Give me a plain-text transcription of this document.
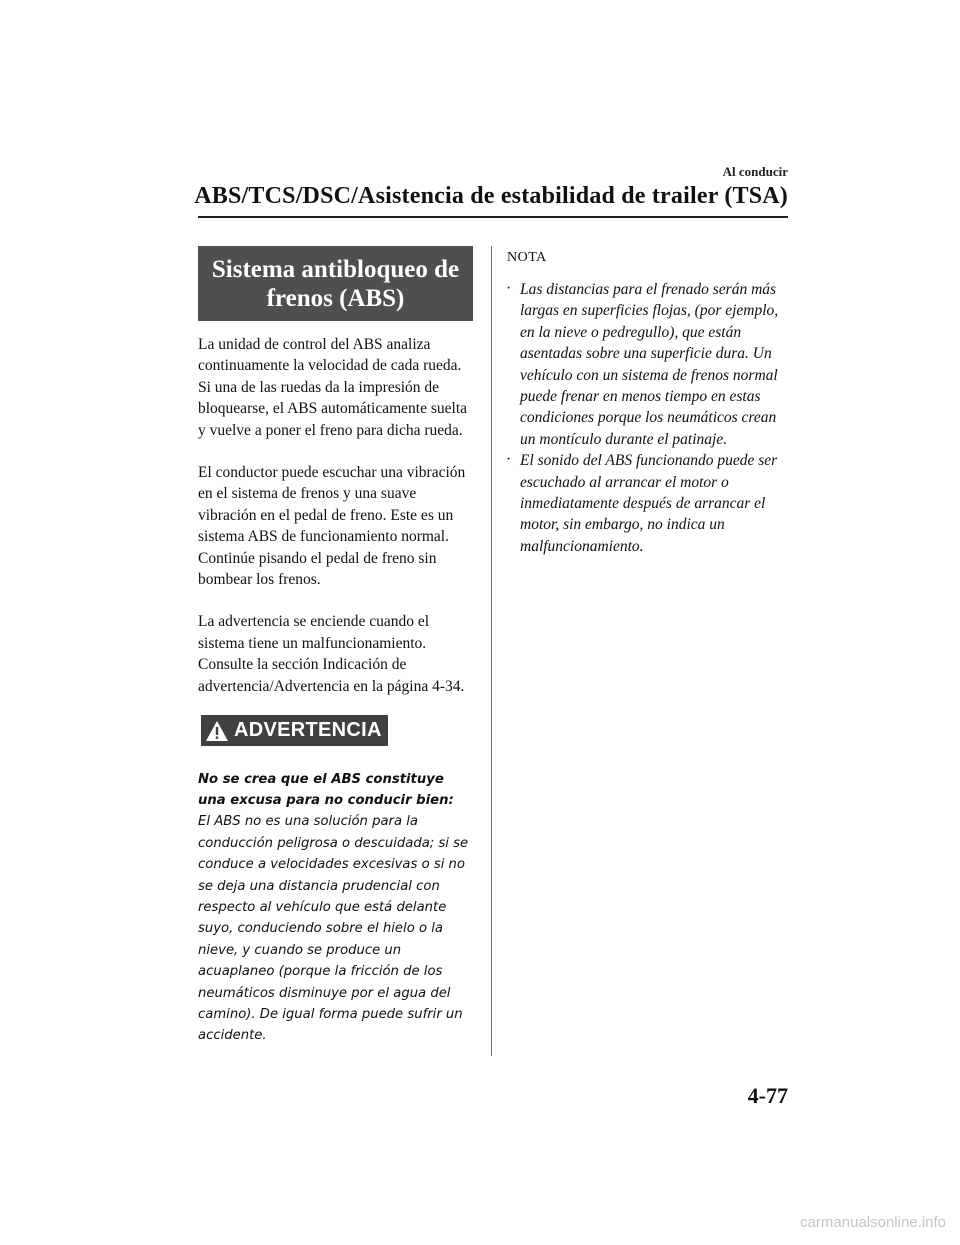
Al conducir
ABS/TCS/DSC/Asistencia de estabilidad de trailer (TSA)
Sistema antibloqueo de frenos (ABS)

La unidad de control del ABS analiza continuamente la velocidad de cada rueda. Si una de las ruedas da la impresión de bloquearse, el ABS automáticamente suelta y vuelve a poner el freno para dicha rueda.

El conductor puede escuchar una vibración en el sistema de frenos y una suave vibración en el pedal de freno. Este es un sistema ABS de funcionamiento normal. Continúe pisando el pedal de freno sin bombear los frenos.

La advertencia se enciende cuando el sistema tiene un malfuncionamiento. Consulte la sección Indicación de advertencia/Advertencia en la página 4-34.

ADVERTENCIA
No se crea que el ABS constituye una excusa para no conducir bien:
El ABS no es una solución para la conducción peligrosa o descuidada; si se conduce a velocidades excesivas o si no se deja una distancia prudencial con respecto al vehículo que está delante suyo, conduciendo sobre el hielo o la nieve, y cuando se produce un acuaplaneo (porque la fricción de los neumáticos disminuye por el agua del camino). De igual forma puede sufrir un accidente.
NOTA
· Las distancias para el frenado serán más largas en superficies flojas, (por ejemplo, en la nieve o pedregullo), que están asentadas sobre una superficie dura. Un vehículo con un sistema de frenos normal puede frenar en menos tiempo en estas condiciones porque los neumáticos crean un montículo durante el patinaje.
· El sonido del ABS funcionando puede ser escuchado al arrancar el motor o inmediatamente después de arrancar el motor, sin embargo, no indica un malfuncionamiento.
4-77
carmanualsonline.info
